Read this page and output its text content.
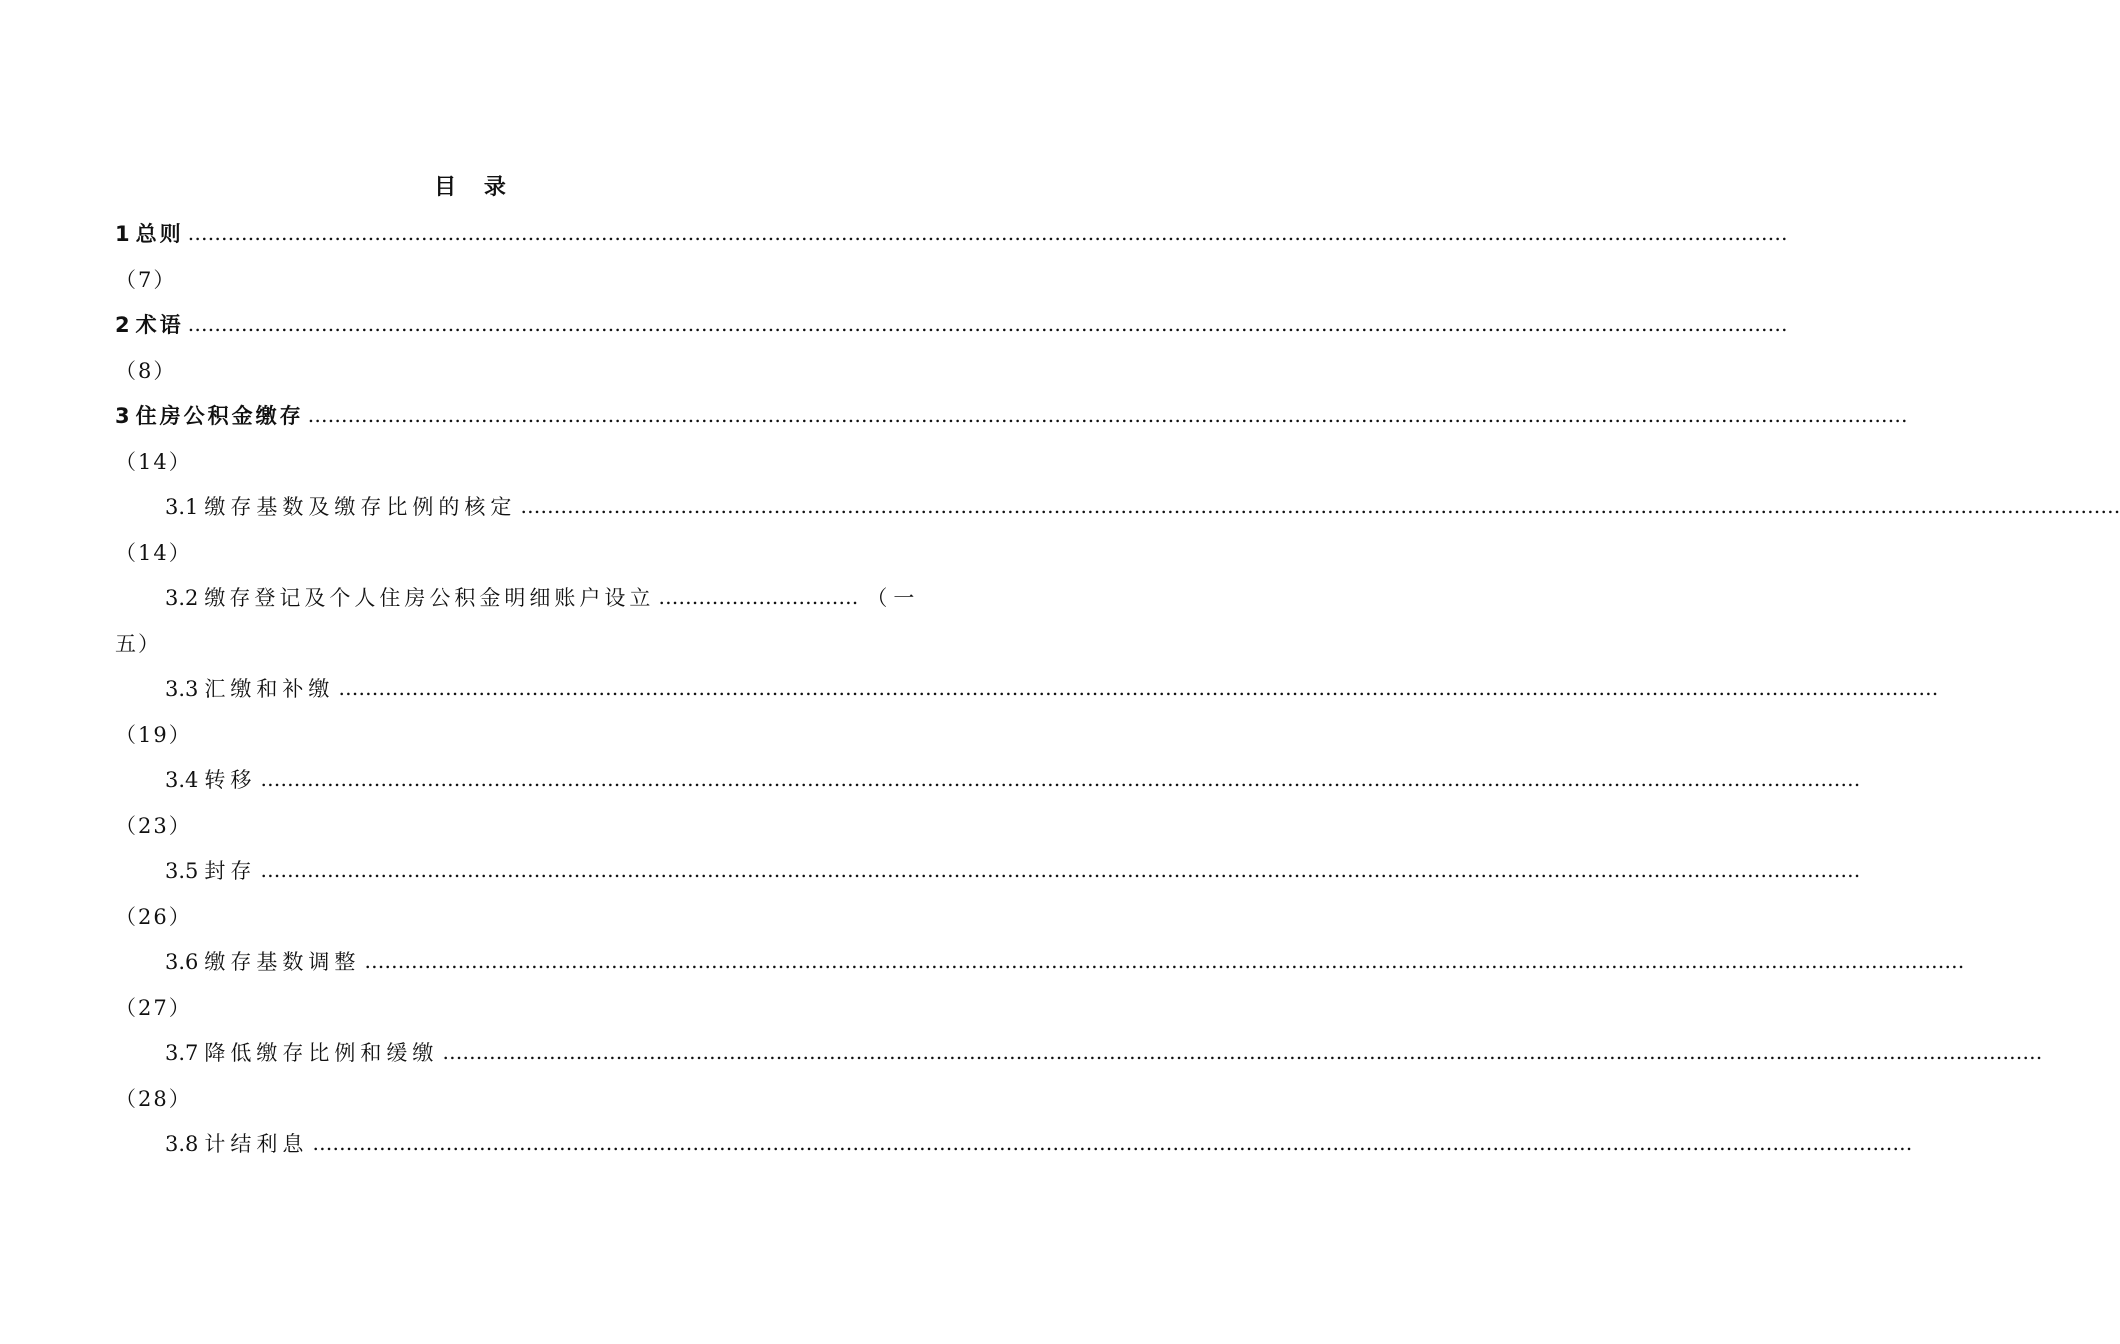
目 录
1 总则 ……………………………………………………………………………………………………………………………………………………………………………………………………………………
（7）
2 术语 ……………………………………………………………………………………………………………………………………………………………………………………………………………………
（8）
3 住房公积金缴存 ……………………………………………………………………………………………………………………………………………………………………………………………………………………
（14）
3.1 缴存基数及缴存比例的核定 ……………………………………………………………………………………………………………………………………………………………………………………………………………………
（14）
3.2 缴存登记及个人住房公积金明细账户设立 ………………………… （一
五）
3.3 汇缴和补缴 ……………………………………………………………………………………………………………………………………………………………………………………………………………………
（19）
3.4 转移 ……………………………………………………………………………………………………………………………………………………………………………………………………………………
（23）
3.5 封存 ……………………………………………………………………………………………………………………………………………………………………………………………………………………
（26）
3.6 缴存基数调整 ……………………………………………………………………………………………………………………………………………………………………………………………………………………
（27）
3.7 降低缴存比例和缓缴 ……………………………………………………………………………………………………………………………………………………………………………………………………………………
（28）
3.8 计结利息 ……………………………………………………………………………………………………………………………………………………………………………………………………………………
